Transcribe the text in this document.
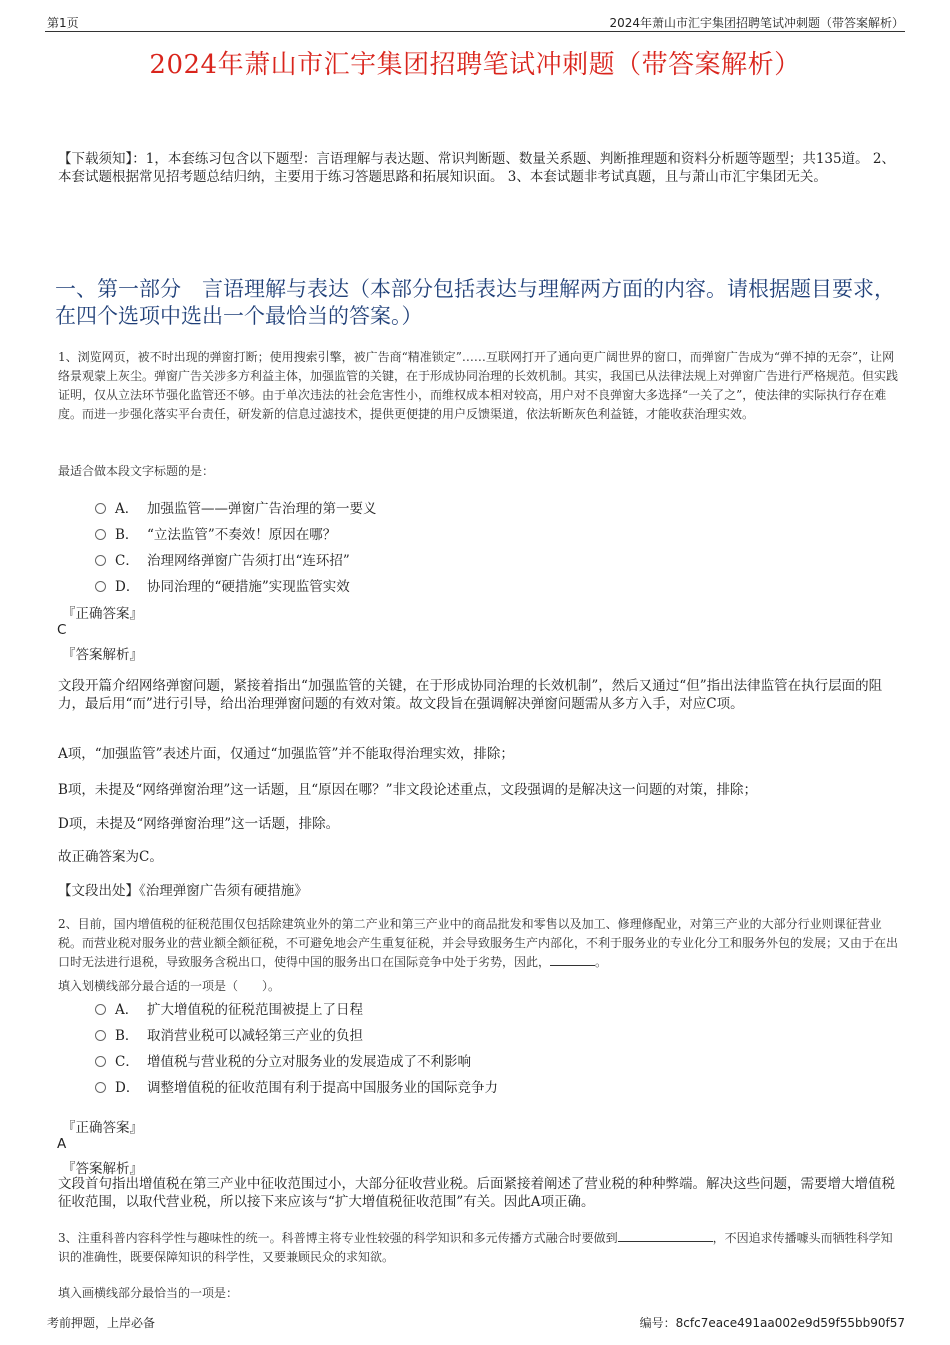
第1页	2024年萧山市汇宇集团招聘笔试冲刺题（带答案解析）
2024年萧山市汇宇集团招聘笔试冲刺题（带答案解析）
【下载须知】：1，本套练习包含以下题型：言语理解与表达题、常识判断题、数量关系题、判断推理题和资料分析题等题型；共135道。 2、本套试题根据常见招考题总结归纳，主要用于练习答题思路和拓展知识面。 3、本套试题非考试真题，且与萧山市汇宇集团无关。
一、第一部分　言语理解与表达（本部分包括表达与理解两方面的内容。请根据题目要求，在四个选项中选出一个最恰当的答案。）
1、浏览网页，被不时出现的弹窗打断；使用搜索引擎，被广告商“精准锁定”……互联网打开了通向更广阔世界的窗口，而弹窗广告成为“弹不掉的无奈”，让网络景观蒙上灰尘。弹窗广告关涉多方利益主体，加强监管的关键，在于形成协同治理的长效机制。其实，我国已从法律法规上对弹窗广告进行严格规范。但实践证明，仅从立法环节强化监管还不够。由于单次违法的社会危害性小，而维权成本相对较高，用户对不良弹窗大多选择“一关了之”，使法律的实际执行存在难度。而进一步强化落实平台责任，研发新的信息过滤技术，提供更便捷的用户反馈渠道，依法斩断灰色利益链，才能收获治理实效。
最适合做本段文字标题的是：
A． 加强监管——弹窗广告治理的第一要义
B． “立法监管”不奏效！原因在哪？
C． 治理网络弹窗广告须打出“连环招”
D． 协同治理的“硬措施”实现监管实效
『正确答案』
C
『答案解析』
文段开篇介绍网络弹窗问题，紧接着指出“加强监管的关键，在于形成协同治理的长效机制”，然后又通过“但”指出法律监管在执行层面的阻力，最后用“而”进行引导，给出治理弹窗问题的有效对策。故文段旨在强调解决弹窗问题需从多方入手，对应C项。
A项，“加强监管”表述片面，仅通过“加强监管”并不能取得治理实效，排除；
B项，未提及“网络弹窗治理”这一话题，且“原因在哪？”非文段论述重点，文段强调的是解决这一问题的对策，排除；
D项，未提及“网络弹窗治理”这一话题，排除。
故正确答案为C。
【文段出处】《治理弹窗广告须有硬措施》
2、目前，国内增值税的征税范围仅包括除建筑业外的第二产业和第三产业中的商品批发和零售以及加工、修理修配业，对第三产业的大部分行业则课征营业税。而营业税对服务业的营业额全额征税，不可避免地会产生重复征税，并会导致服务生产内部化，不利于服务业的专业化分工和服务外包的发展；又由于在出口时无法进行退税，导致服务含税出口，使得中国的服务出口在国际竞争中处于劣势，因此，	。
填入划横线部分最合适的一项是（　　）。
A． 扩大增值税的征税范围被提上了日程
B． 取消营业税可以减轻第三产业的负担
C． 增值税与营业税的分立对服务业的发展造成了不利影响
D． 调整增值税的征收范围有利于提高中国服务业的国际竞争力
『正确答案』
A
『答案解析』
文段首句指出增值税在第三产业中征收范围过小，大部分征收营业税。后面紧接着阐述了营业税的种种弊端。解决这些问题，需要增大增值税征收范围，以取代营业税，所以接下来应该与“扩大增值税征收范围”有关。因此A项正确。
3、注重科普内容科学性与趣味性的统一。科普博主将专业性较强的科学知识和多元传播方式融合时要做到	，不因追求传播噱头而牺牲科学知识的准确性，既要保障知识的科学性，又要兼顾民众的求知欲。
填入画横线部分最恰当的一项是：
考前押题，上岸必备	编号：8cfc7eace491aa002e9d59f55bb90f57
